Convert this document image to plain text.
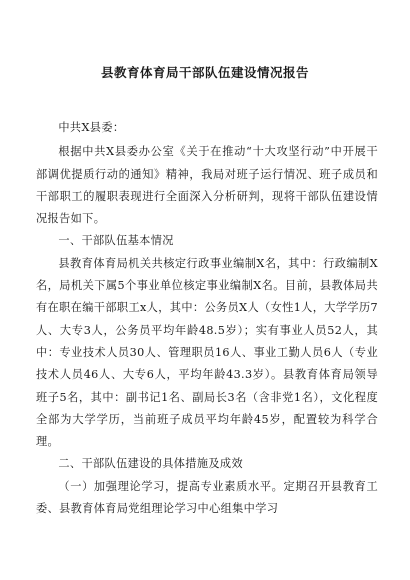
县教育体育局干部队伍建设情况报告

中共X县委：

根据中共X县委办公室《关于在推动“十大攻坚行动”中开展干部调优提质行动的通知》精神，我局对班子运行情况、班子成员和干部职工的履职表现进行全面深入分析研判，现将干部队伍建设情况报告如下。

一、干部队伍基本情况

县教育体育局机关共核定行政事业编制X名，其中：行政编制X名，局机关下属5个事业单位核定事业编制X名。目前，县教体局共有在职在编干部职工x人，其中：公务员X人（女性1人，大学学历7人、大专3人，公务员平均年龄48.5岁）；实有事业人员52人，其中：专业技术人员30人、管理职员16人、事业工勤人员6人（专业技术人员46人、大专6人，平均年龄43.3岁）。县教育体育局领导班子5名，其中：副书记1名、副局长3名（含非党1名），文化程度全部为大学学历，当前班子成员平均年龄45岁，配置较为科学合理。

二、干部队伍建设的具体措施及成效

（一）加强理论学习，提高专业素质水平。定期召开县教育工委、县教育体育局党组理论学习中心组集中学习
